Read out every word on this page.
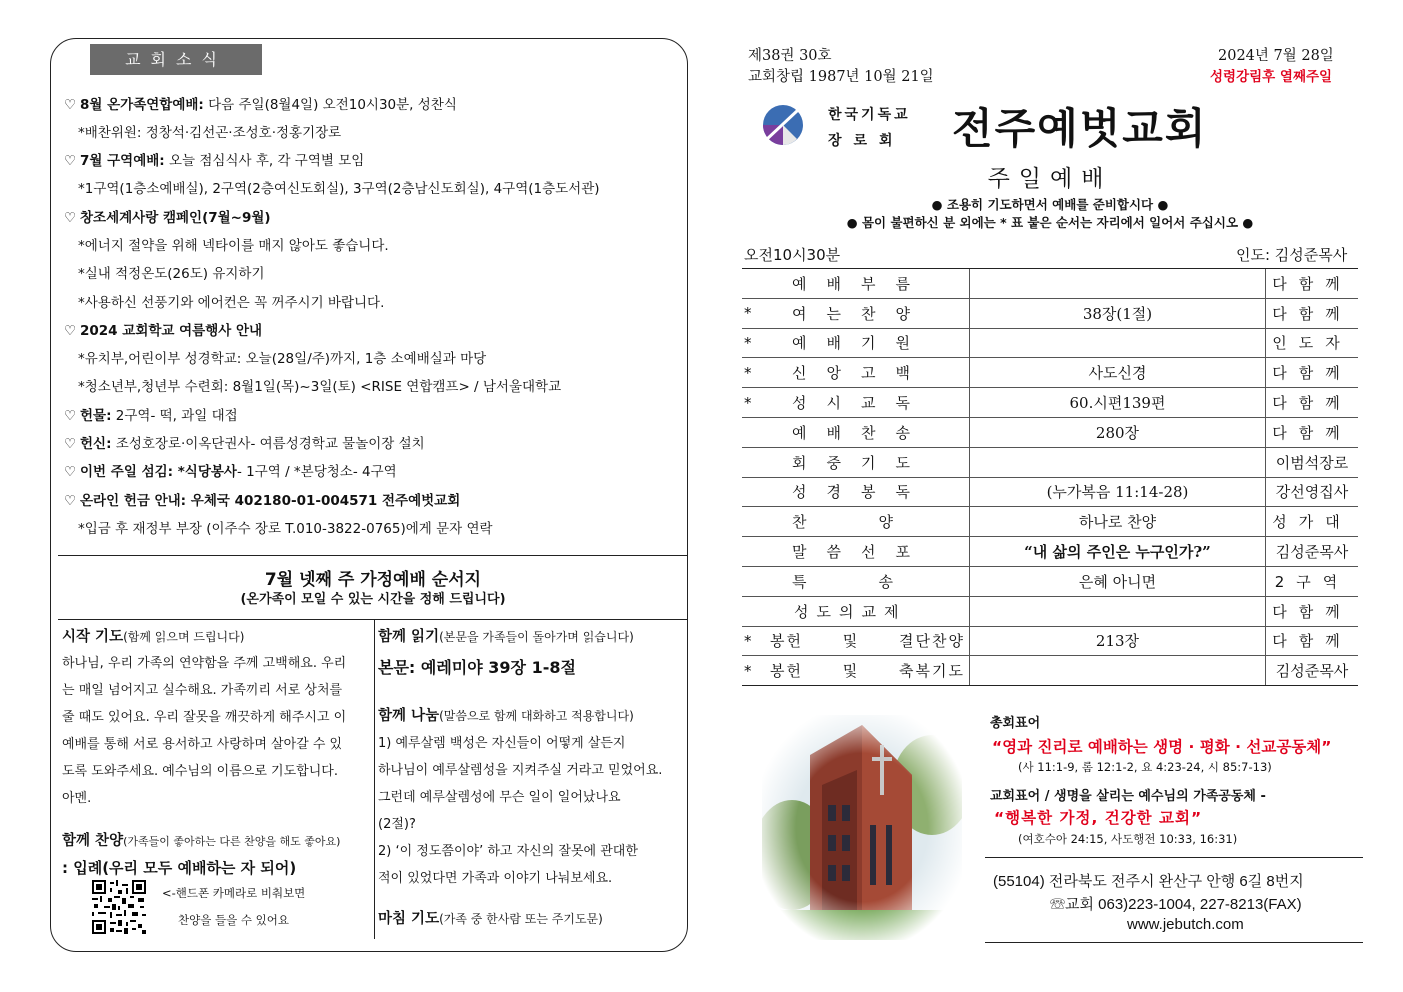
교회소식
7월 넷째 주 가정예배 순서지
(온가족이 모일 수 있는 시간을 정해 드립니다)
시작 기도(함께 읽으며 드립니다)
하나님, 우리 가족의 연약함을 주께 고백해요. 우리
는 매일 넘어지고 실수해요. 가족끼리 서로 상처를
줄 때도 있어요. 우리 잘못을 깨끗하게 해주시고 이
예배를 통해 서로 용서하고 사랑하며 살아갈 수 있
도록 도와주세요. 예수님의 이름으로 기도합니다.
아멘.
함께 찬양(가족들이 좋아하는 다른 찬양을 해도 좋아요)
: 입례(우리 모두 예배하는 자 되어)
<-핸드폰 카메라로 비춰보면
찬양을 들을 수 있어요
함께 읽기(본문을 가족들이 돌아가며 읽습니다)
본문: 예레미야 39장 1-8절
함께 나눔(말씀으로 함께 대화하고 적용합니다)
1) 예루살렘 백성은 자신들이 어떻게 살든지
하나님이 예루살렘성을 지켜주실 거라고 믿었어요.
그런데 예루살렘성에 무슨 일이 일어났나요
(2절)?
2) ‘이 정도쯤이야’ 하고 자신의 잘못에 관대한
적이 있었다면 가족과 이야기 나눠보세요.
마침 기도(가족 중 한사람 또는 주기도문)
제38권 30호
교회창립 1987년 10월 21일
2024년 7월 28일
성령강림후 열째주일
한국기독교
장로회 전주예벗교회
주일예배
● 조용히 기도하면서 예배를 준비합시다 ●
● 몸이 불편하신 분 외에는 * 표 붙은 순서는 자리에서 일어서 주십시오 ●
오전10시30분	인도: 김성준목사

	예배부름		다함께
*	여는찬양	38장(1절)	다함께
*	예배기원		인도자
*	신앙고백	사도신경	다함께
*	성시교독	60.시편139편	다함께

	예배찬송	280장	다함께

	회중기도		이범석장로

	성경봉독	(누가복음 11:14-28)	강선영집사

	찬양	하나로 찬양	성가대

	말씀선포	“내 삶의 주인은 누구인가?”	김성준목사

	특송	은혜 아니면	2구역

	성도의교제		다함께
*	봉헌 및 결단찬양	213장	다함께
*	봉헌 및 축복기도		김성준목사
총회표어
“영과 진리로 예배하는 생명 · 평화 · 선교공동체”
(사 11:1-9, 롬 12:1-2, 요 4:23-24, 시 85:7-13)
교회표어 / 생명을 살리는 예수님의 가족공동체 -
“행복한 가정, 건강한 교회”
(여호수아 24:15, 사도행전 10:33, 16:31)
(55104) 전라북도 전주시 완산구 안행 6길 8번지
☏교회 063)223-1004, 227-8213(FAX)
www.jebutch.com
♡ 8월 온가족연합예배: 다음 주일(8월4일) 오전10시30분, 성찬식
*배찬위원: 정창석·김선곤·조성호·정홍기장로
♡ 7월 구역예배: 오늘 점심식사 후, 각 구역별 모임
*1구역(1층소예배실), 2구역(2층여신도회실), 3구역(2층남신도회실), 4구역(1층도서관)
♡ 창조세계사랑 캠페인(7월~9월)
*에너지 절약을 위해 넥타이를 매지 않아도 좋습니다.
*실내 적정온도(26도) 유지하기
*사용하신 선풍기와 에어컨은 꼭 꺼주시기 바랍니다.
♡ 2024 교회학교 여름행사 안내
*유치부,어린이부 성경학교: 오늘(28일/주)까지, 1층 소예배실과 마당
*청소년부,청년부 수련회: 8월1일(목)~3일(토) <RISE 연합캠프> / 남서울대학교
♡ 헌물: 2구역- 떡, 과일 대접
♡ 헌신: 조성호장로·이옥단권사- 여름성경학교 물놀이장 설치
♡ 이번 주일 섬김: *식당봉사- 1구역 / *본당청소- 4구역
♡ 온라인 헌금 안내: 우체국 402180-01-004571 전주예벗교회
*입금 후 재정부 부장 (이주수 장로 T.010-3822-0765)에게 문자 연락
